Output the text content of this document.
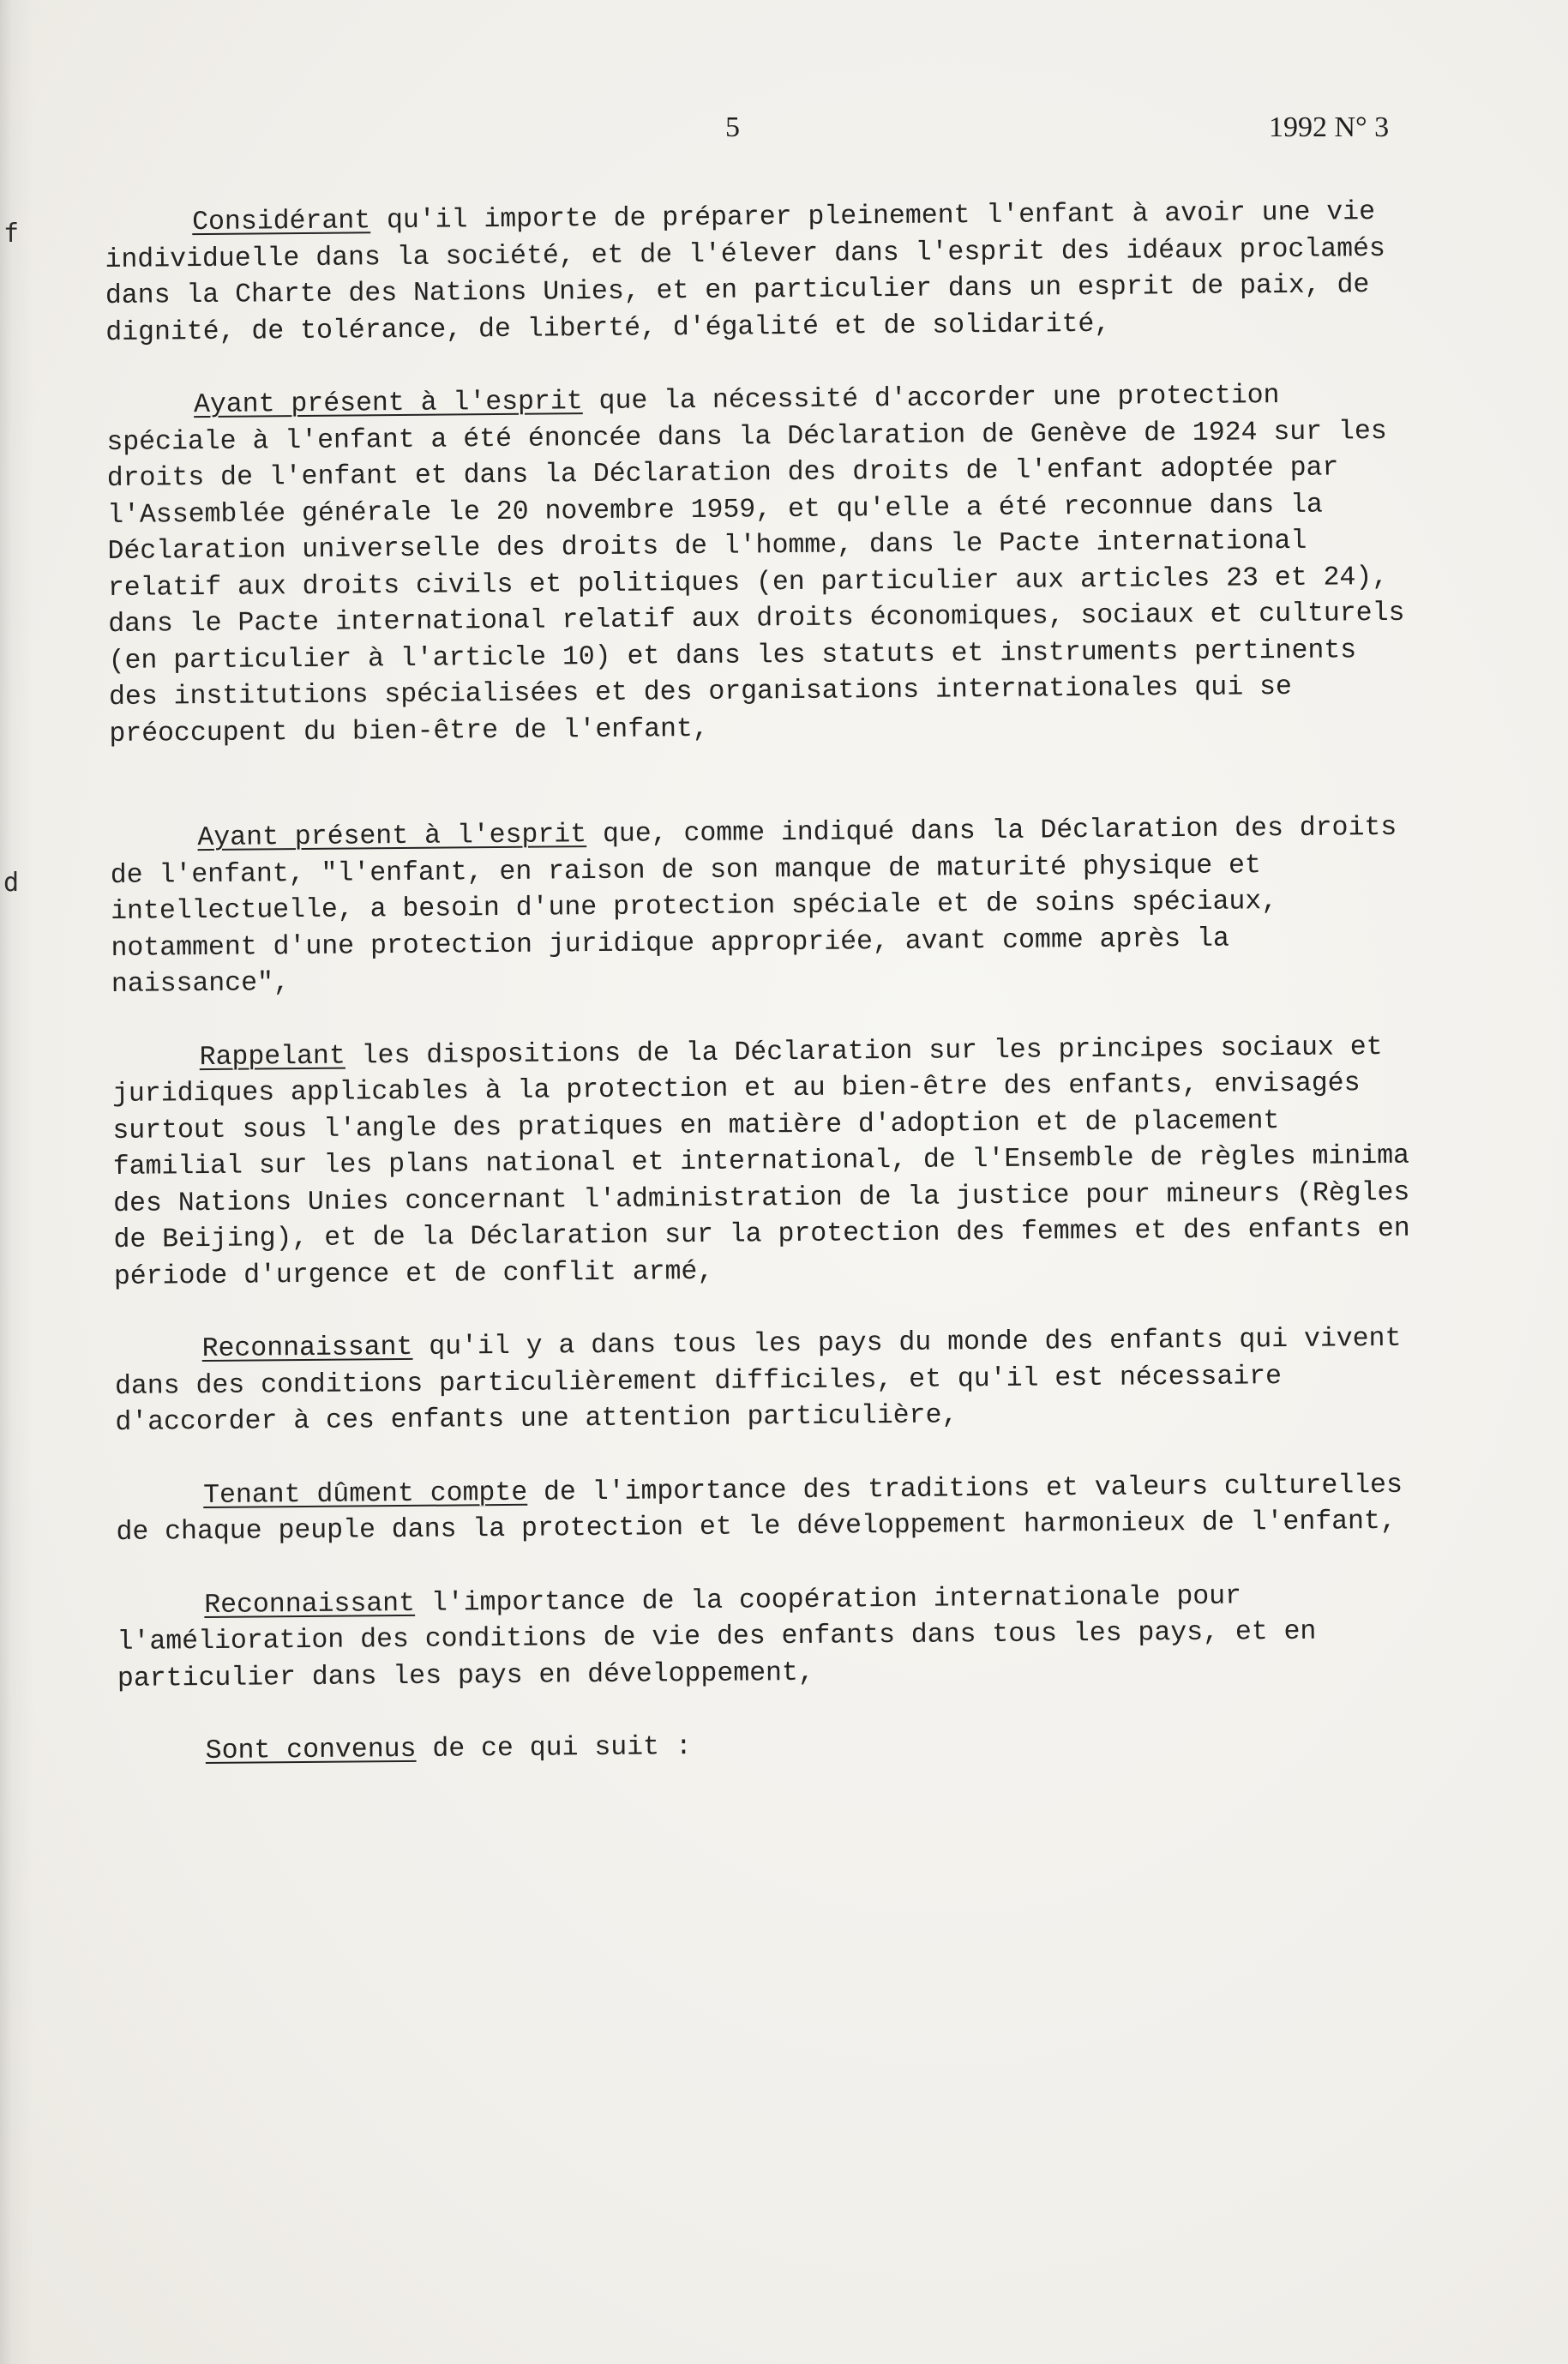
5	1992 N° 3
f
d

Considérant qu'il importe de préparer pleinement l'enfant à avoir une vie individuelle dans la société, et de l'élever dans l'esprit des idéaux proclamés dans la Charte des Nations Unies, et en particulier dans un esprit de paix, de dignité, de tolérance, de liberté, d'égalité et de solidarité,

Ayant présent à l'esprit que la nécessité d'accorder une protection spéciale à l'enfant a été énoncée dans la Déclaration de Genève de 1924 sur les droits de l'enfant et dans la Déclaration des droits de l'enfant adoptée par l'Assemblée générale le 20 novembre 1959, et qu'elle a été reconnue dans la Déclaration universelle des droits de l'homme, dans le Pacte international relatif aux droits civils et politiques (en particulier aux articles 23 et 24), dans le Pacte international relatif aux droits économiques, sociaux et culturels (en particulier à l'article 10) et dans les statuts et instruments pertinents des institutions spécialisées et des organisations internationales qui se préoccupent du bien-être de l'enfant,

Ayant présent à l'esprit que, comme indiqué dans la Déclaration des droits de l'enfant, "l'enfant, en raison de son manque de maturité physique et intellectuelle, a besoin d'une protection spéciale et de soins spéciaux, notamment d'une protection juridique appropriée, avant comme après la naissance",

Rappelant les dispositions de la Déclaration sur les principes sociaux et juridiques applicables à la protection et au bien-être des enfants, envisagés surtout sous l'angle des pratiques en matière d'adoption et de placement familial sur les plans national et international, de l'Ensemble de règles minima des Nations Unies concernant l'administration de la justice pour mineurs (Règles de Beijing), et de la Déclaration sur la protection des femmes et des enfants en période d'urgence et de conflit armé,

Reconnaissant qu'il y a dans tous les pays du monde des enfants qui vivent dans des conditions particulièrement difficiles, et qu'il est nécessaire d'accorder à ces enfants une attention particulière,

Tenant dûment compte de l'importance des traditions et valeurs culturelles de chaque peuple dans la protection et le développement harmonieux de l'enfant,

Reconnaissant l'importance de la coopération internationale pour l'amélioration des conditions de vie des enfants dans tous les pays, et en particulier dans les pays en développement,

Sont convenus de ce qui suit :
